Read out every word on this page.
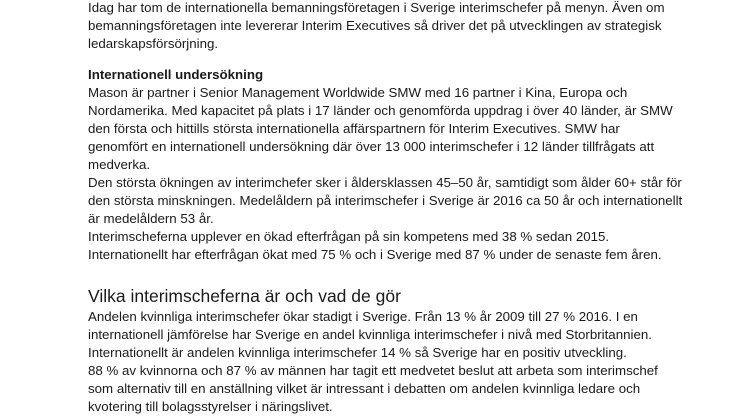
Idag har tom de internationella bemanningsföretagen i Sverige interimschefer på menyn. Även om
bemanningsföretagen inte levererar Interim Executives så driver det på utvecklingen av strategisk
ledarskapsförsörjning.
Internationell undersökning
Mason är partner i Senior Management Worldwide SMW med 16 partner i Kina, Europa och
Nordamerika. Med kapacitet på plats i 17 länder och genomförda uppdrag i över 40 länder, är SMW
den första och hittills största internationella affärspartnern för Interim Executives. SMW har
genomfört en internationell undersökning där över 13 000 interimschefer i 12 länder tillfrågats att
medverka.
Den största ökningen av interimchefer sker i åldersklassen 45–50 år, samtidigt som ålder 60+ står för
den största minskningen. Medelåldern på interimschefer i Sverige är 2016 ca 50 år och internationellt
är medelåldern 53 år.
Interimscheferna upplever en ökad efterfrågan på sin kompetens med 38 % sedan 2015.
Internationellt har efterfrågan ökat med 75 % och i Sverige med 87 % under de senaste fem åren.
Vilka interimscheferna är och vad de gör
Andelen kvinnliga interimschefer ökar stadigt i Sverige. Från 13 % år 2009 till 27 % 2016. I en
internationell jämförelse har Sverige en andel kvinnliga interimschefer i nivå med Storbritannien.
Internationellt är andelen kvinnliga interimschefer 14 % så Sverige har en positiv utveckling.
88 % av kvinnorna och 87 % av männen har tagit ett medvetet beslut att arbeta som interimschef
som alternativ till en anställning vilket är intressant i debatten om andelen kvinnliga ledare och
kvotering till bolagsstyrelser i näringslivet.
